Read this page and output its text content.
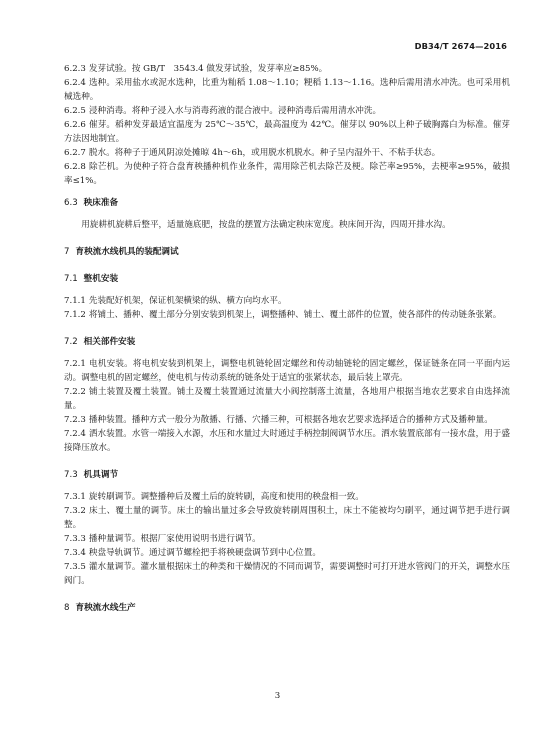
DB34/T 2674—2016

6.2.3 发芽试验。按 GB/T　3543.4 做发芽试验，发芽率应≥85%。

6.2.4 选种。采用盐水或泥水选种，比重为籼稻 1.08～1.10；粳稻 1.13～1.16。选种后需用清水冲洗。也可采用机械选种。

6.2.5 浸种消毒。将种子浸入水与消毒药液的混合液中。浸种消毒后需用清水冲洗。

6.2.6 催芽。稻种发芽最适宜温度为 25℃～35℃，最高温度为 42℃。催芽以 90%以上种子破胸露白为标准。催芽方法因地制宜。

6.2.7 脱水。将种子于通风阴凉处摊晾 4h～6h，或用脱水机脱水。种子呈内湿外干、不粘手状态。

6.2.8 除芒机。为使种子符合盘育秧播种机作业条件，需用除芒机去除芒及梗。除芒率≥95%，去梗率≥95%，破损率≤1%。

6.3 秧床准备

用旋耕机旋耕后整平，适量施底肥，按盘的摆置方法确定秧床宽度。秧床间开沟，四周开排水沟。

7 育秧流水线机具的装配调试

7.1 整机安装

7.1.1 先装配好机架，保证机架横梁的纵、横方向均水平。

7.1.2 将铺土、播种、覆土部分分别安装到机架上，调整播种、铺土、覆土部件的位置，使各部件的传动链条张紧。

7.2 相关部件安装

7.2.1 电机安装。将电机安装到机架上，调整电机链轮固定螺丝和传动轴链轮的固定螺丝，保证链条在同一平面内运动。调整电机的固定螺丝，使电机与传动系统的链条处于适宜的张紧状态，最后装上罩壳。

7.2.2 铺土装置及覆土装置。铺土及覆土装置通过流量大小阀控制落土流量，各地用户根据当地农艺要求自由选择流量。

7.2.3 播种装置。播种方式一般分为散播、行播、穴播三种，可根据各地农艺要求选择适合的播种方式及播种量。

7.2.4 洒水装置。水管一端接入水源，水压和水量过大时通过手柄控制阀调节水压。洒水装置底部有一接水盘，用于盛接降压放水。

7.3 机具调节

7.3.1 旋转刷调节。调整播种后及覆土后的旋转刷，高度和使用的秧盘相一致。

7.3.2 床土、覆土量的调节。床土的输出量过多会导致旋转刷周围积土，床土不能被均匀刷平，通过调节把手进行调整。

7.3.3 播种量调节。根据厂家使用说明书进行调节。

7.3.4 秧盘导轨调节。通过调节螺栓把手将秧硬盘调节到中心位置。

7.3.5 灌水量调节。灌水量根据床土的种类和干燥情况的不同而调节，需要调整时可打开进水管阀门的开关，调整水压阀门。

8 育秧流水线生产

3
